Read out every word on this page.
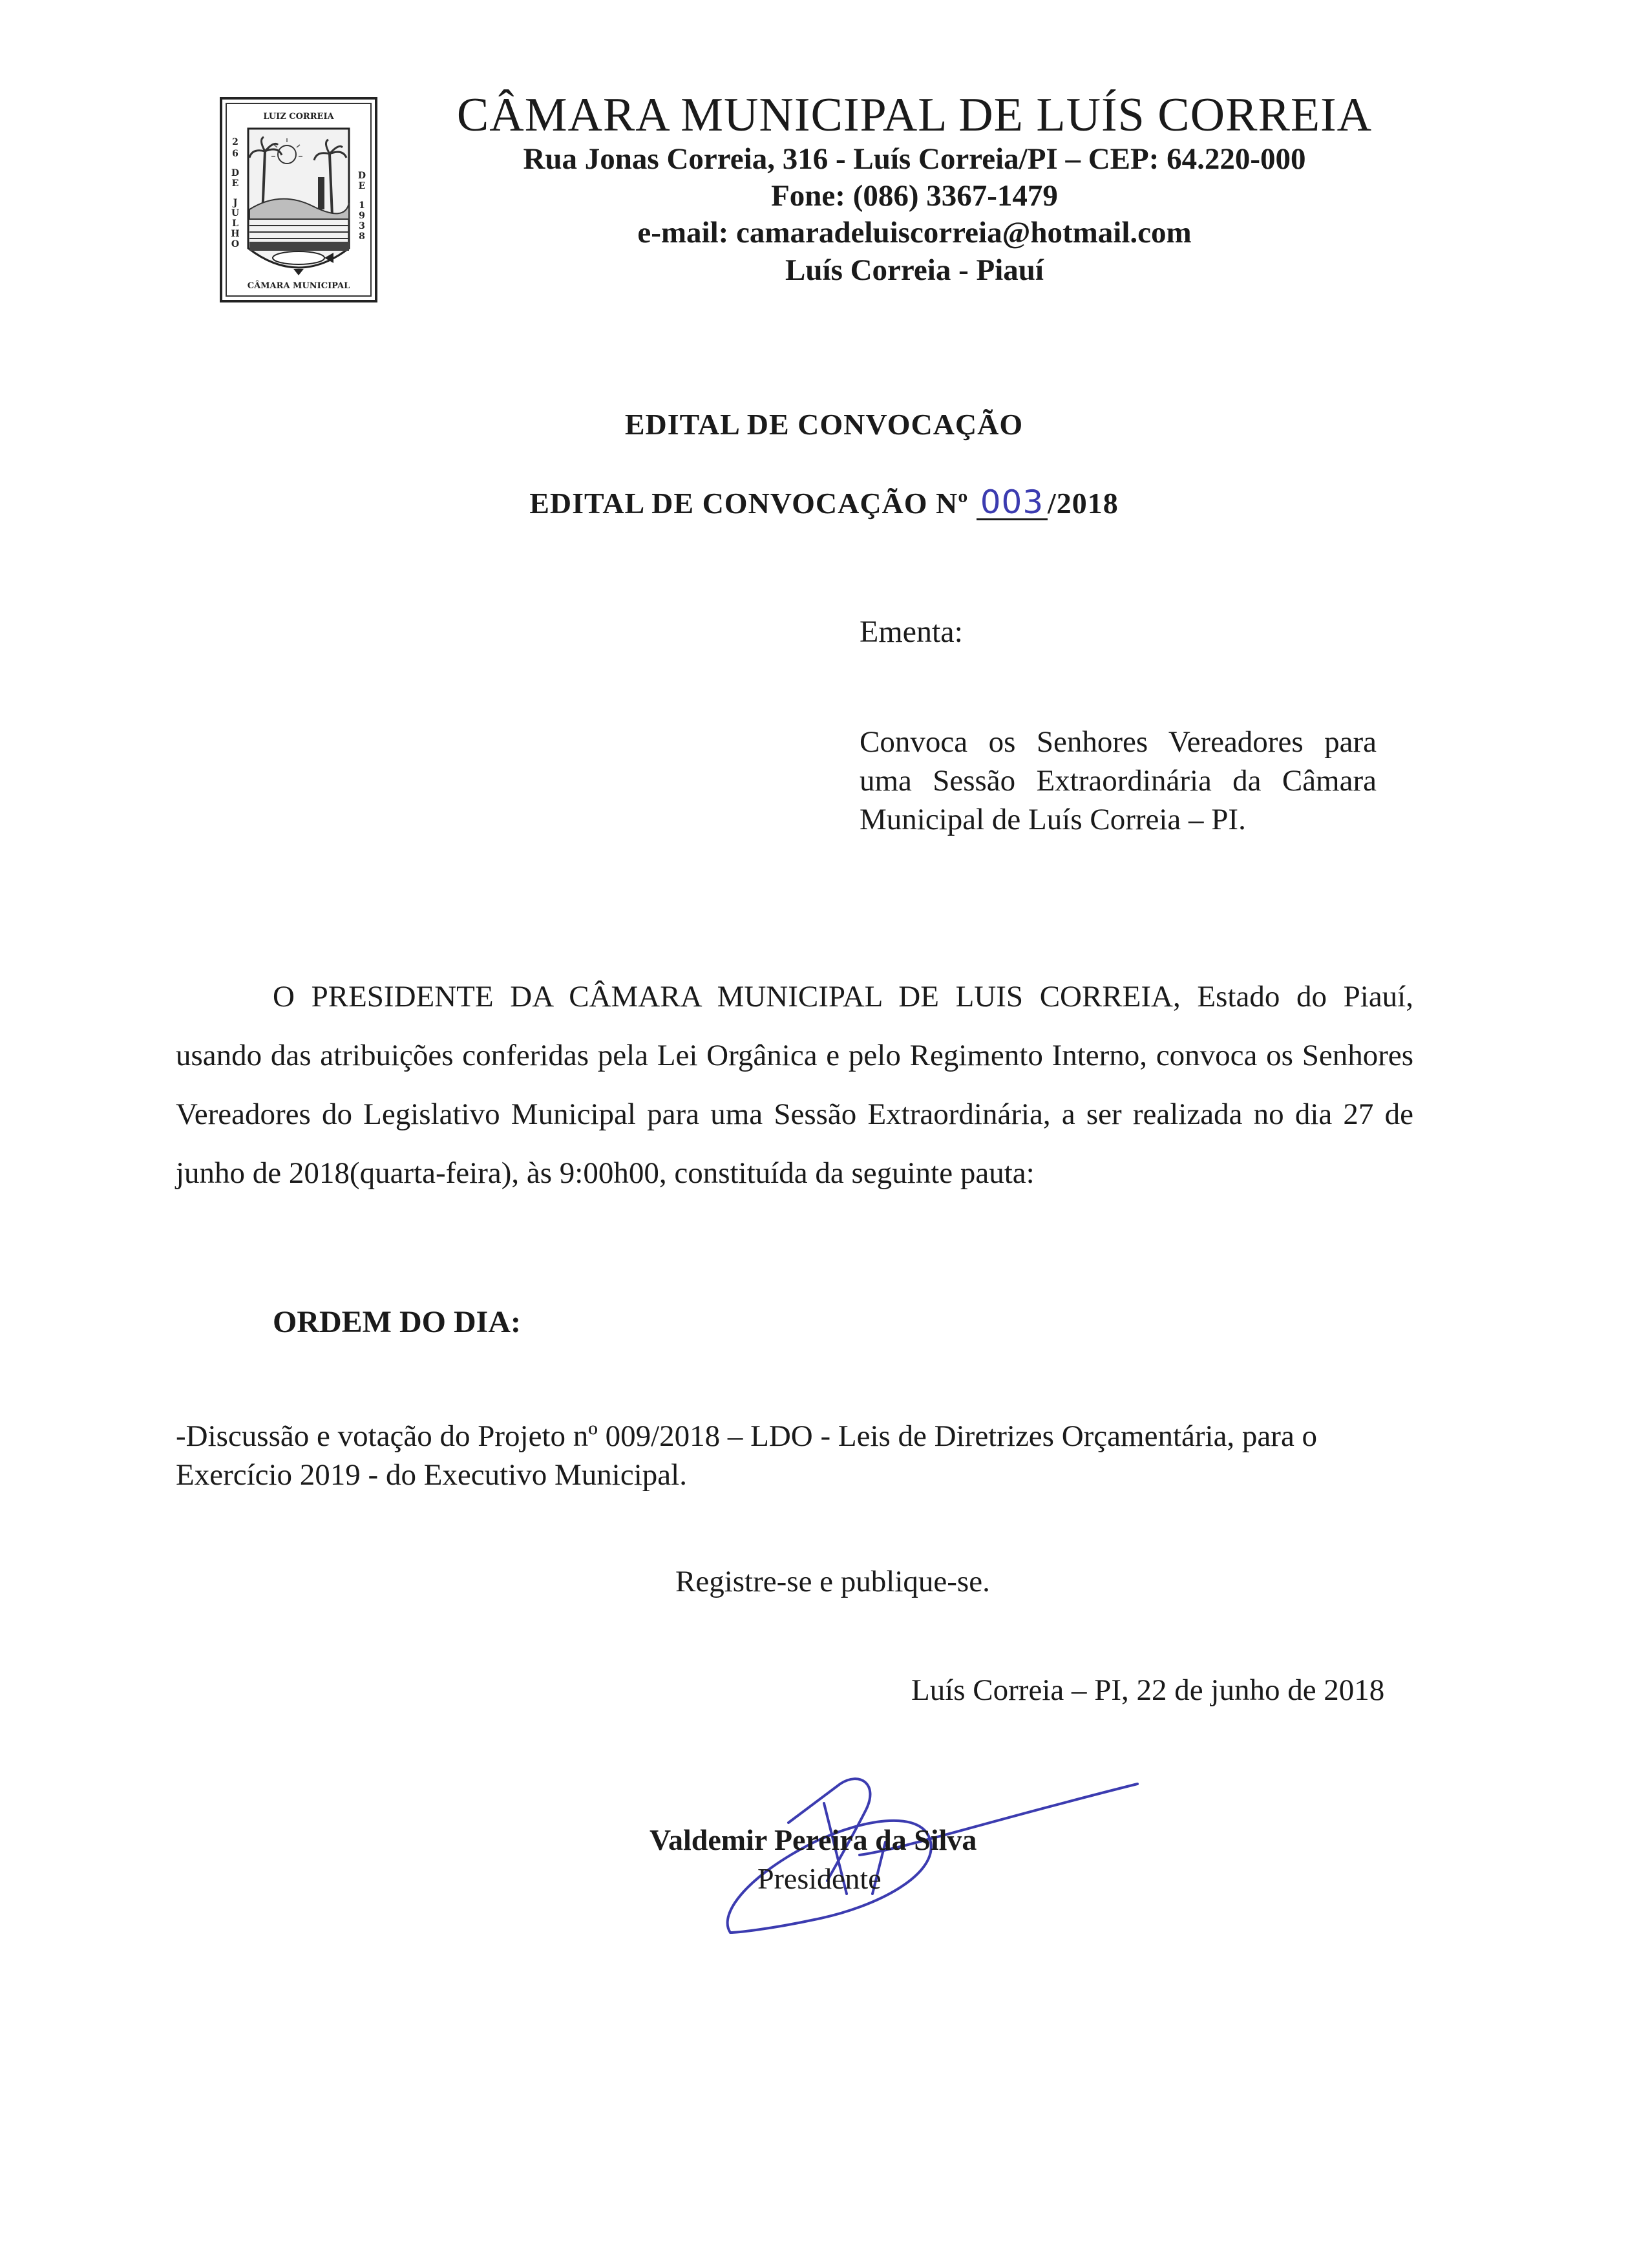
LUIZ CORREIA
CÂMARA MUNICIPAL
2
6
D
E
J
U
L
H
O
D
E
1
9
3
8

CÂMARA MUNICIPAL DE LUÍS CORREIA

Rua Jonas Correia, 316 - Luís Correia/PI – CEP: 64.220-000

Fone: (086) 3367-1479

e-mail: camaradeluiscorreia@hotmail.com

Luís Correia - Piauí

EDITAL DE CONVOCAÇÃO
EDITAL DE CONVOCAÇÃO Nº 003 /2018
Ementa:
Convoca os Senhores Vereadores para uma Sessão Extraordinária da Câmara Municipal de Luís Correia – PI.
O PRESIDENTE DA CÂMARA MUNICIPAL DE LUIS CORREIA, Estado do Piauí, usando das atribuições conferidas pela Lei Orgânica e pelo Regimento Interno, convoca os Senhores Vereadores do Legislativo Municipal para uma Sessão Extraordinária, a ser realizada no dia 27 de junho de 2018(quarta-feira), às 9:00h00, constituída da seguinte pauta:
ORDEM DO DIA:
-Discussão e votação do Projeto nº 009/2018 – LDO - Leis de Diretrizes Orçamentária, para o Exercício 2019 - do Executivo Municipal.
Registre-se e publique-se.
Luís Correia – PI, 22 de junho de 2018
Valdemir Pereira da Silva
Presidente
